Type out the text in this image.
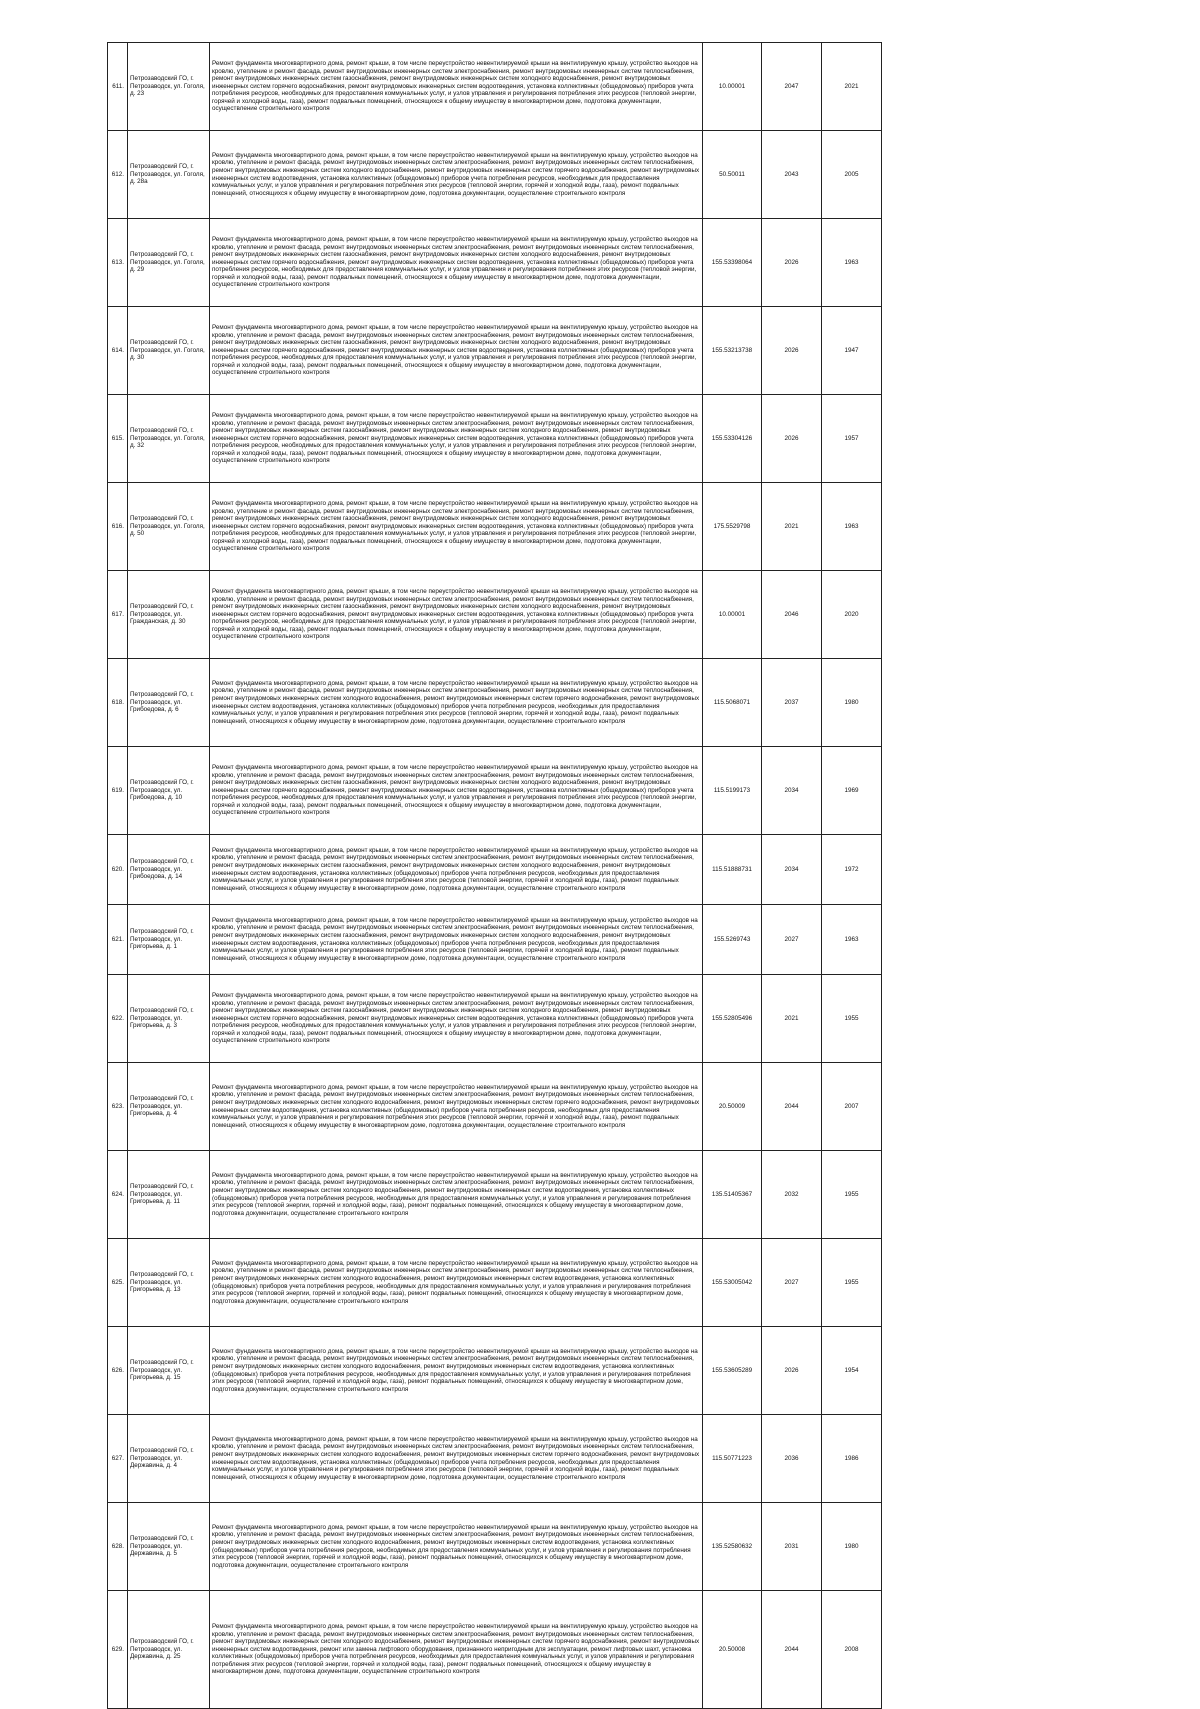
611.	Петрозаводский ГО, г. Петрозаводск, ул. Гоголя, д. 23	Ремонт фундамента многоквартирного дома, ремонт крыши, в том числе переустройство невентилируемой крыши на вентилируемую крышу, устройство выходов на кровлю, утепление и ремонт фасада, ремонт внутридомовых инженерных систем электроснабжения, ремонт внутридомовых инженерных систем теплоснабжения, ремонт внутридомовых инженерных систем газоснабжения, ремонт внутридомовых инженерных систем холодного водоснабжения, ремонт внутридомовых инженерных систем горячего водоснабжения, ремонт внутридомовых инженерных систем водоотведения, установка коллективных (общедомовых) приборов учета потребления ресурсов, необходимых для предоставления коммунальных услуг, и узлов управления и регулирования потребления этих ресурсов (тепловой энергии, горячей и холодной воды, газа), ремонт подвальных помещений, относящихся к общему имуществу в многоквартирном доме, подготовка документации, осуществление строительного контроля	10.00001	2047	2021
612.	Петрозаводский ГО, г. Петрозаводск, ул. Гоголя, д. 28а	Ремонт фундамента многоквартирного дома, ремонт крыши, в том числе переустройство невентилируемой крыши на вентилируемую крышу, устройство выходов на кровлю, утепление и ремонт фасада, ремонт внутридомовых инженерных систем электроснабжения, ремонт внутридомовых инженерных систем теплоснабжения, ремонт внутридомовых инженерных систем холодного водоснабжения, ремонт внутридомовых инженерных систем горячего водоснабжения, ремонт внутридомовых инженерных систем водоотведения, установка коллективных (общедомовых) приборов учета потребления ресурсов, необходимых для предоставления коммунальных услуг, и узлов управления и регулирования потребления этих ресурсов (тепловой энергии, горячей и холодной воды, газа), ремонт подвальных помещений, относящихся к общему имуществу в многоквартирном доме, подготовка документации, осуществление строительного контроля	50.50011	2043	2005
613.	Петрозаводский ГО, г. Петрозаводск, ул. Гоголя, д. 29	Ремонт фундамента многоквартирного дома, ремонт крыши, в том числе переустройство невентилируемой крыши на вентилируемую крышу, устройство выходов на кровлю, утепление и ремонт фасада, ремонт внутридомовых инженерных систем электроснабжения, ремонт внутридомовых инженерных систем теплоснабжения, ремонт внутридомовых инженерных систем газоснабжения, ремонт внутридомовых инженерных систем холодного водоснабжения, ремонт внутридомовых инженерных систем горячего водоснабжения, ремонт внутридомовых инженерных систем водоотведения, установка коллективных (общедомовых) приборов учета потребления ресурсов, необходимых для предоставления коммунальных услуг, и узлов управления и регулирования потребления этих ресурсов (тепловой энергии, горячей и холодной воды, газа), ремонт подвальных помещений, относящихся к общему имуществу в многоквартирном доме, подготовка документации, осуществление строительного контроля	155.53398064	2026	1963
614.	Петрозаводский ГО, г. Петрозаводск, ул. Гоголя, д. 30	Ремонт фундамента многоквартирного дома, ремонт крыши, в том числе переустройство невентилируемой крыши на вентилируемую крышу, устройство выходов на кровлю, утепление и ремонт фасада, ремонт внутридомовых инженерных систем электроснабжения, ремонт внутридомовых инженерных систем теплоснабжения, ремонт внутридомовых инженерных систем газоснабжения, ремонт внутридомовых инженерных систем холодного водоснабжения, ремонт внутридомовых инженерных систем горячего водоснабжения, ремонт внутридомовых инженерных систем водоотведения, установка коллективных (общедомовых) приборов учета потребления ресурсов, необходимых для предоставления коммунальных услуг, и узлов управления и регулирования потребления этих ресурсов (тепловой энергии, горячей и холодной воды, газа), ремонт подвальных помещений, относящихся к общему имуществу в многоквартирном доме, подготовка документации, осуществление строительного контроля	155.53213738	2026	1947
615.	Петрозаводский ГО, г. Петрозаводск, ул. Гоголя, д. 32	Ремонт фундамента многоквартирного дома, ремонт крыши, в том числе переустройство невентилируемой крыши на вентилируемую крышу, устройство выходов на кровлю, утепление и ремонт фасада, ремонт внутридомовых инженерных систем электроснабжения, ремонт внутридомовых инженерных систем теплоснабжения, ремонт внутридомовых инженерных систем газоснабжения, ремонт внутридомовых инженерных систем холодного водоснабжения, ремонт внутридомовых инженерных систем горячего водоснабжения, ремонт внутридомовых инженерных систем водоотведения, установка коллективных (общедомовых) приборов учета потребления ресурсов, необходимых для предоставления коммунальных услуг, и узлов управления и регулирования потребления этих ресурсов (тепловой энергии, горячей и холодной воды, газа), ремонт подвальных помещений, относящихся к общему имуществу в многоквартирном доме, подготовка документации, осуществление строительного контроля	155.53304126	2026	1957
616.	Петрозаводский ГО, г. Петрозаводск, ул. Гоголя, д. 50	Ремонт фундамента многоквартирного дома, ремонт крыши, в том числе переустройство невентилируемой крыши на вентилируемую крышу, устройство выходов на кровлю, утепление и ремонт фасада, ремонт внутридомовых инженерных систем электроснабжения, ремонт внутридомовых инженерных систем теплоснабжения, ремонт внутридомовых инженерных систем газоснабжения, ремонт внутридомовых инженерных систем холодного водоснабжения, ремонт внутридомовых инженерных систем горячего водоснабжения, ремонт внутридомовых инженерных систем водоотведения, установка коллективных (общедомовых) приборов учета потребления ресурсов, необходимых для предоставления коммунальных услуг, и узлов управления и регулирования потребления этих ресурсов (тепловой энергии, горячей и холодной воды, газа), ремонт подвальных помещений, относящихся к общему имуществу в многоквартирном доме, подготовка документации, осуществление строительного контроля	175.5529798	2021	1963
617.	Петрозаводский ГО, г. Петрозаводск, ул. Гражданская, д. 30	Ремонт фундамента многоквартирного дома, ремонт крыши, в том числе переустройство невентилируемой крыши на вентилируемую крышу, устройство выходов на кровлю, утепление и ремонт фасада, ремонт внутридомовых инженерных систем электроснабжения, ремонт внутридомовых инженерных систем теплоснабжения, ремонт внутридомовых инженерных систем газоснабжения, ремонт внутридомовых инженерных систем холодного водоснабжения, ремонт внутридомовых инженерных систем горячего водоснабжения, ремонт внутридомовых инженерных систем водоотведения, установка коллективных (общедомовых) приборов учета потребления ресурсов, необходимых для предоставления коммунальных услуг, и узлов управления и регулирования потребления этих ресурсов (тепловой энергии, горячей и холодной воды, газа), ремонт подвальных помещений, относящихся к общему имуществу в многоквартирном доме, подготовка документации, осуществление строительного контроля	10.00001	2046	2020
618.	Петрозаводский ГО, г. Петрозаводск, ул. Грибоедова, д. 6	Ремонт фундамента многоквартирного дома, ремонт крыши, в том числе переустройство невентилируемой крыши на вентилируемую крышу, устройство выходов на кровлю, утепление и ремонт фасада, ремонт внутридомовых инженерных систем электроснабжения, ремонт внутридомовых инженерных систем теплоснабжения, ремонт внутридомовых инженерных систем холодного водоснабжения, ремонт внутридомовых инженерных систем горячего водоснабжения, ремонт внутридомовых инженерных систем водоотведения, установка коллективных (общедомовых) приборов учета потребления ресурсов, необходимых для предоставления коммунальных услуг, и узлов управления и регулирования потребления этих ресурсов (тепловой энергии, горячей и холодной воды, газа), ремонт подвальных помещений, относящихся к общему имуществу в многоквартирном доме, подготовка документации, осуществление строительного контроля	115.5068071	2037	1980
619.	Петрозаводский ГО, г. Петрозаводск, ул. Грибоедова, д. 10	Ремонт фундамента многоквартирного дома, ремонт крыши, в том числе переустройство невентилируемой крыши на вентилируемую крышу, устройство выходов на кровлю, утепление и ремонт фасада, ремонт внутридомовых инженерных систем электроснабжения, ремонт внутридомовых инженерных систем теплоснабжения, ремонт внутридомовых инженерных систем газоснабжения, ремонт внутридомовых инженерных систем холодного водоснабжения, ремонт внутридомовых инженерных систем горячего водоснабжения, ремонт внутридомовых инженерных систем водоотведения, установка коллективных (общедомовых) приборов учета потребления ресурсов, необходимых для предоставления коммунальных услуг, и узлов управления и регулирования потребления этих ресурсов (тепловой энергии, горячей и холодной воды, газа), ремонт подвальных помещений, относящихся к общему имуществу в многоквартирном доме, подготовка документации, осуществление строительного контроля	115.5199173	2034	1969
620.	Петрозаводский ГО, г. Петрозаводск, ул. Грибоедова, д. 14	Ремонт фундамента многоквартирного дома, ремонт крыши, в том числе переустройство невентилируемой крыши на вентилируемую крышу, устройство выходов на кровлю, утепление и ремонт фасада, ремонт внутридомовых инженерных систем электроснабжения, ремонт внутридомовых инженерных систем теплоснабжения, ремонт внутридомовых инженерных систем газоснабжения, ремонт внутридомовых инженерных систем холодного водоснабжения, ремонт внутридомовых инженерных систем водоотведения, установка коллективных (общедомовых) приборов учета потребления ресурсов, необходимых для предоставления коммунальных услуг, и узлов управления и регулирования потребления этих ресурсов (тепловой энергии, горячей и холодной воды, газа), ремонт подвальных помещений, относящихся к общему имуществу в многоквартирном доме, подготовка документации, осуществление строительного контроля	115.51888731	2034	1972
621.	Петрозаводский ГО, г. Петрозаводск, ул. Григорьева, д. 1	Ремонт фундамента многоквартирного дома, ремонт крыши, в том числе переустройство невентилируемой крыши на вентилируемую крышу, устройство выходов на кровлю, утепление и ремонт фасада, ремонт внутридомовых инженерных систем электроснабжения, ремонт внутридомовых инженерных систем теплоснабжения, ремонт внутридомовых инженерных систем газоснабжения, ремонт внутридомовых инженерных систем холодного водоснабжения, ремонт внутридомовых инженерных систем водоотведения, установка коллективных (общедомовых) приборов учета потребления ресурсов, необходимых для предоставления коммунальных услуг, и узлов управления и регулирования потребления этих ресурсов (тепловой энергии, горячей и холодной воды, газа), ремонт подвальных помещений, относящихся к общему имуществу в многоквартирном доме, подготовка документации, осуществление строительного контроля	155.5269743	2027	1963
622.	Петрозаводский ГО, г. Петрозаводск, ул. Григорьева, д. 3	Ремонт фундамента многоквартирного дома, ремонт крыши, в том числе переустройство невентилируемой крыши на вентилируемую крышу, устройство выходов на кровлю, утепление и ремонт фасада, ремонт внутридомовых инженерных систем электроснабжения, ремонт внутридомовых инженерных систем теплоснабжения, ремонт внутридомовых инженерных систем газоснабжения, ремонт внутридомовых инженерных систем холодного водоснабжения, ремонт внутридомовых инженерных систем горячего водоснабжения, ремонт внутридомовых инженерных систем водоотведения, установка коллективных (общедомовых) приборов учета потребления ресурсов, необходимых для предоставления коммунальных услуг, и узлов управления и регулирования потребления этих ресурсов (тепловой энергии, горячей и холодной воды, газа), ремонт подвальных помещений, относящихся к общему имуществу в многоквартирном доме, подготовка документации, осуществление строительного контроля	155.52805496	2021	1955
623.	Петрозаводский ГО, г. Петрозаводск, ул. Григорьева, д. 4	Ремонт фундамента многоквартирного дома, ремонт крыши, в том числе переустройство невентилируемой крыши на вентилируемую крышу, устройство выходов на кровлю, утепление и ремонт фасада, ремонт внутридомовых инженерных систем электроснабжения, ремонт внутридомовых инженерных систем теплоснабжения, ремонт внутридомовых инженерных систем холодного водоснабжения, ремонт внутридомовых инженерных систем горячего водоснабжения, ремонт внутридомовых инженерных систем водоотведения, установка коллективных (общедомовых) приборов учета потребления ресурсов, необходимых для предоставления коммунальных услуг, и узлов управления и регулирования потребления этих ресурсов (тепловой энергии, горячей и холодной воды, газа), ремонт подвальных помещений, относящихся к общему имуществу в многоквартирном доме, подготовка документации, осуществление строительного контроля	20.50009	2044	2007
624.	Петрозаводский ГО, г. Петрозаводск, ул. Григорьева, д. 11	Ремонт фундамента многоквартирного дома, ремонт крыши, в том числе переустройство невентилируемой крыши на вентилируемую крышу, устройство выходов на кровлю, утепление и ремонт фасада, ремонт внутридомовых инженерных систем электроснабжения, ремонт внутридомовых инженерных систем теплоснабжения, ремонт внутридомовых инженерных систем холодного водоснабжения, ремонт внутридомовых инженерных систем водоотведения, установка коллективных (общедомовых) приборов учета потребления ресурсов, необходимых для предоставления коммунальных услуг, и узлов управления и регулирования потребления этих ресурсов (тепловой энергии, горячей и холодной воды, газа), ремонт подвальных помещений, относящихся к общему имуществу в многоквартирном доме, подготовка документации, осуществление строительного контроля	135.51405367	2032	1955
625.	Петрозаводский ГО, г. Петрозаводск, ул. Григорьева, д. 13	Ремонт фундамента многоквартирного дома, ремонт крыши, в том числе переустройство невентилируемой крыши на вентилируемую крышу, устройство выходов на кровлю, утепление и ремонт фасада, ремонт внутридомовых инженерных систем электроснабжения, ремонт внутридомовых инженерных систем теплоснабжения, ремонт внутридомовых инженерных систем холодного водоснабжения, ремонт внутридомовых инженерных систем водоотведения, установка коллективных (общедомовых) приборов учета потребления ресурсов, необходимых для предоставления коммунальных услуг, и узлов управления и регулирования потребления этих ресурсов (тепловой энергии, горячей и холодной воды, газа), ремонт подвальных помещений, относящихся к общему имуществу в многоквартирном доме, подготовка документации, осуществление строительного контроля	155.53005042	2027	1955
626.	Петрозаводский ГО, г. Петрозаводск, ул. Григорьева, д. 15	Ремонт фундамента многоквартирного дома, ремонт крыши, в том числе переустройство невентилируемой крыши на вентилируемую крышу, устройство выходов на кровлю, утепление и ремонт фасада, ремонт внутридомовых инженерных систем электроснабжения, ремонт внутридомовых инженерных систем теплоснабжения, ремонт внутридомовых инженерных систем холодного водоснабжения, ремонт внутридомовых инженерных систем водоотведения, установка коллективных (общедомовых) приборов учета потребления ресурсов, необходимых для предоставления коммунальных услуг, и узлов управления и регулирования потребления этих ресурсов (тепловой энергии, горячей и холодной воды, газа), ремонт подвальных помещений, относящихся к общему имуществу в многоквартирном доме, подготовка документации, осуществление строительного контроля	155.53605289	2026	1954
627.	Петрозаводский ГО, г. Петрозаводск, ул. Державина, д. 4	Ремонт фундамента многоквартирного дома, ремонт крыши, в том числе переустройство невентилируемой крыши на вентилируемую крышу, устройство выходов на кровлю, утепление и ремонт фасада, ремонт внутридомовых инженерных систем электроснабжения, ремонт внутридомовых инженерных систем теплоснабжения, ремонт внутридомовых инженерных систем холодного водоснабжения, ремонт внутридомовых инженерных систем горячего водоснабжения, ремонт внутридомовых инженерных систем водоотведения, установка коллективных (общедомовых) приборов учета потребления ресурсов, необходимых для предоставления коммунальных услуг, и узлов управления и регулирования потребления этих ресурсов (тепловой энергии, горячей и холодной воды, газа), ремонт подвальных помещений, относящихся к общему имуществу в многоквартирном доме, подготовка документации, осуществление строительного контроля	115.50771223	2036	1986
628.	Петрозаводский ГО, г. Петрозаводск, ул. Державина, д. 5	Ремонт фундамента многоквартирного дома, ремонт крыши, в том числе переустройство невентилируемой крыши на вентилируемую крышу, устройство выходов на кровлю, утепление и ремонт фасада, ремонт внутридомовых инженерных систем электроснабжения, ремонт внутридомовых инженерных систем теплоснабжения, ремонт внутридомовых инженерных систем холодного водоснабжения, ремонт внутридомовых инженерных систем водоотведения, установка коллективных (общедомовых) приборов учета потребления ресурсов, необходимых для предоставления коммунальных услуг, и узлов управления и регулирования потребления этих ресурсов (тепловой энергии, горячей и холодной воды, газа), ремонт подвальных помещений, относящихся к общему имуществу в многоквартирном доме, подготовка документации, осуществление строительного контроля	135.52580632	2031	1980
629.	Петрозаводский ГО, г. Петрозаводск, ул. Державина, д. 25	Ремонт фундамента многоквартирного дома, ремонт крыши, в том числе переустройство невентилируемой крыши на вентилируемую крышу, устройство выходов на кровлю, утепление и ремонт фасада, ремонт внутридомовых инженерных систем электроснабжения, ремонт внутридомовых инженерных систем теплоснабжения, ремонт внутридомовых инженерных систем холодного водоснабжения, ремонт внутридомовых инженерных систем горячего водоснабжения, ремонт внутридомовых инженерных систем водоотведения, ремонт или замена лифтового оборудования, признанного непригодным для эксплуатации, ремонт лифтовых шахт, установка коллективных (общедомовых) приборов учета потребления ресурсов, необходимых для предоставления коммунальных услуг, и узлов управления и регулирования потребления этих ресурсов (тепловой энергии, горячей и холодной воды, газа), ремонт подвальных помещений, относящихся к общему имуществу в многоквартирном доме, подготовка документации, осуществление строительного контроля	20.50008	2044	2008
